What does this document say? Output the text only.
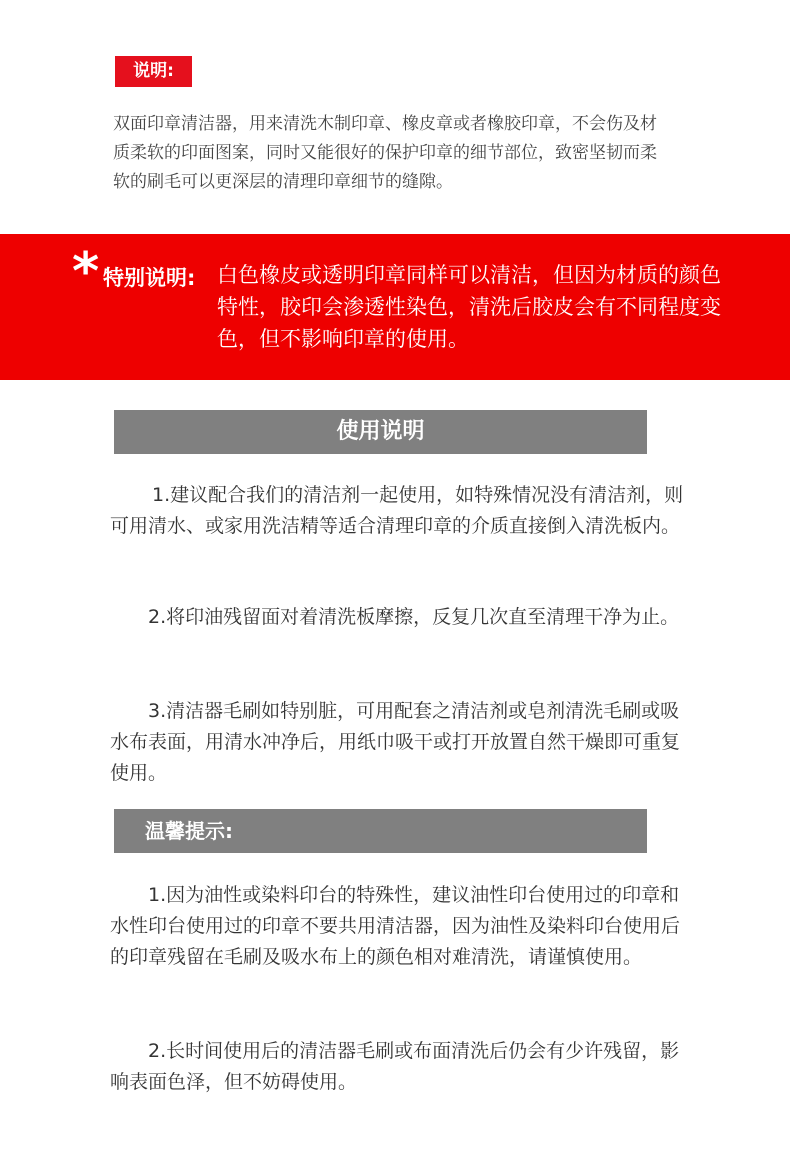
说明:

双面印章清洁器，用来清洗木制印章、橡皮章或者橡胶印章，不会伤及材质柔软的印面图案，同时又能很好的保护印章的细节部位，致密坚韧而柔软的刷毛可以更深层的清理印章细节的缝隙。

* 特别说明: 白色橡皮或透明印章同样可以清洁，但因为材质的颜色特性，胶印会渗透性染色，清洗后胶皮会有不同程度变色，但不影响印章的使用。

使用说明

1.建议配合我们的清洁剂一起使用，如特殊情况没有清洁剂，则可用清水、或家用洗洁精等适合清理印章的介质直接倒入清洗板内。

2.将印油残留面对着清洗板摩擦，反复几次直至清理干净为止。

3.清洁器毛刷如特别脏，可用配套之清洁剂或皂剂清洗毛刷或吸水布表面，用清水冲净后，用纸巾吸干或打开放置自然干燥即可重复使用。

温馨提示:

1.因为油性或染料印台的特殊性，建议油性印台使用过的印章和水性印台使用过的印章不要共用清洁器，因为油性及染料印台使用后的印章残留在毛刷及吸水布上的颜色相对难清洗，请谨慎使用。

2.长时间使用后的清洁器毛刷或布面清洗后仍会有少许残留，影响表面色泽，但不妨碍使用。
